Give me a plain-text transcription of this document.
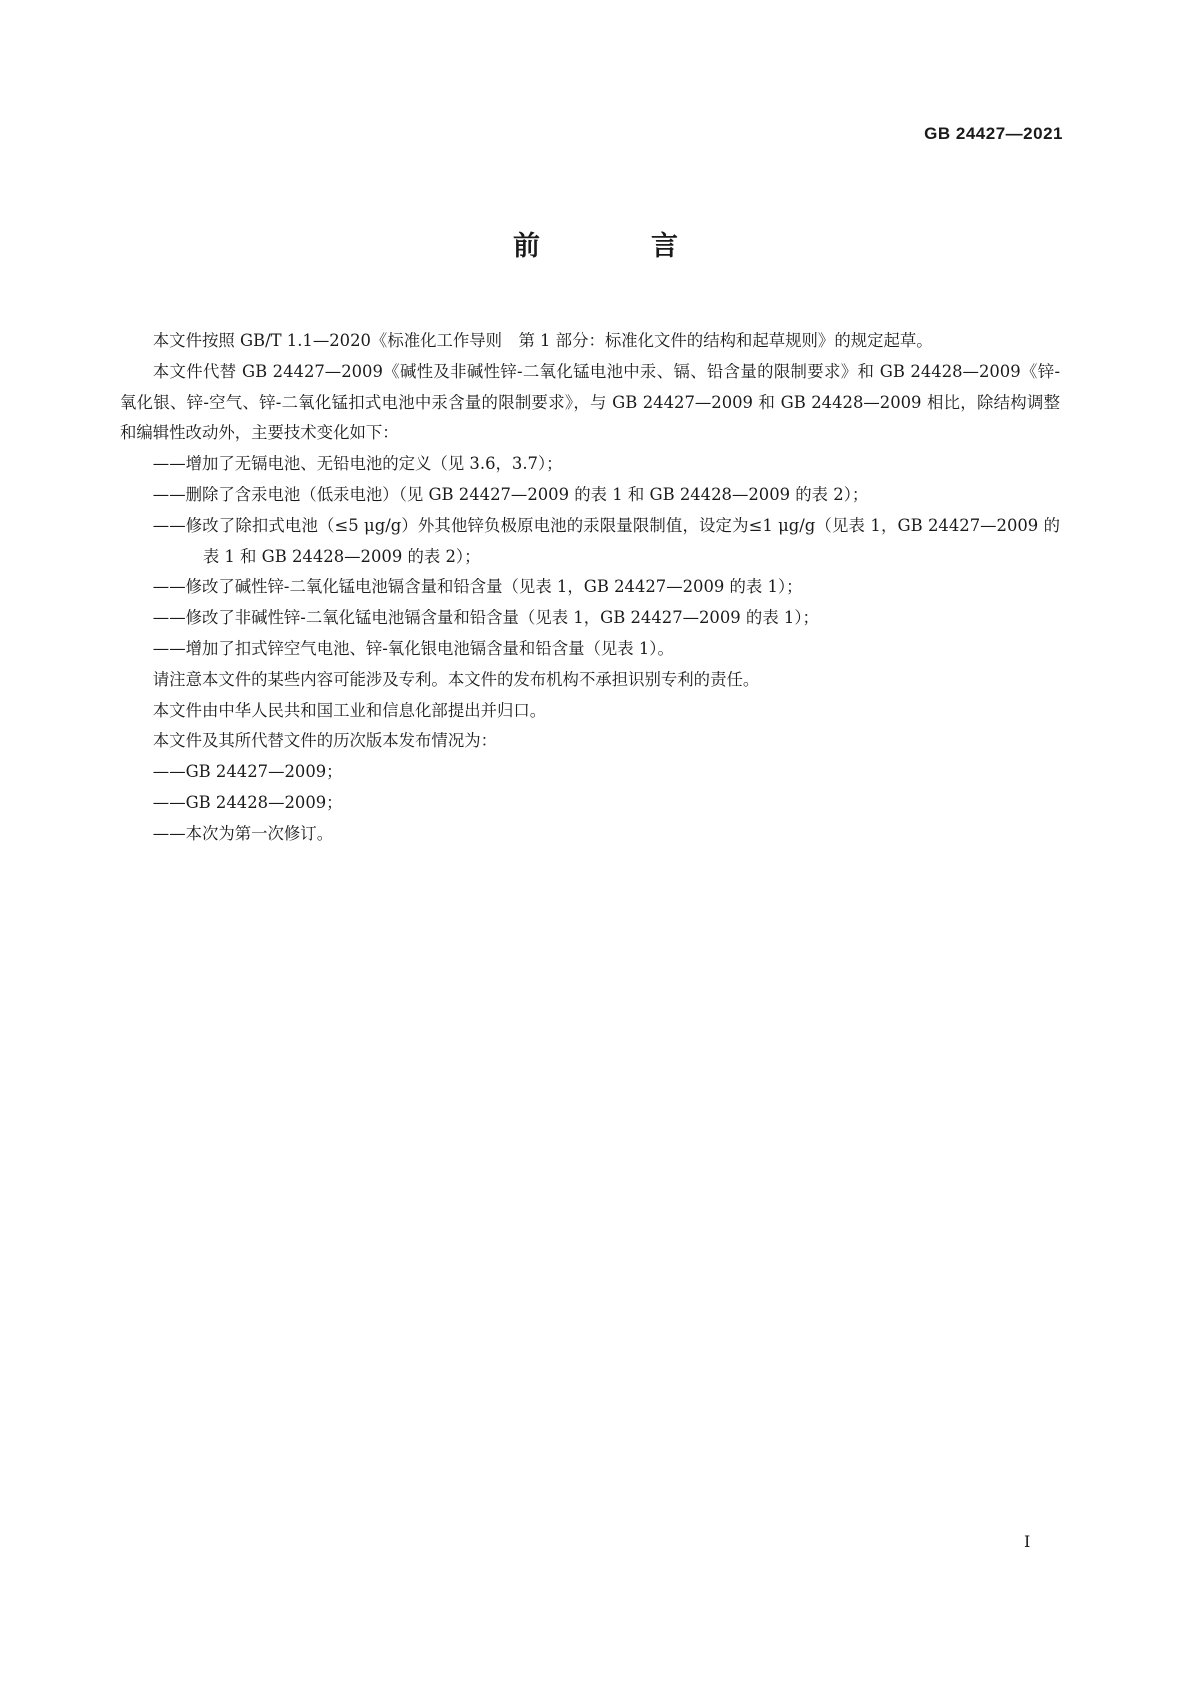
GB 24427—2021
前　言

本文件按照 GB/T 1.1—2020《标准化工作导则　第 1 部分：标准化文件的结构和起草规则》的规定起草。

本文件代替 GB 24427—2009《碱性及非碱性锌-二氧化锰电池中汞、镉、铅含量的限制要求》和 GB 24428—2009《锌-氧化银、锌-空气、锌-二氧化锰扣式电池中汞含量的限制要求》，与 GB 24427—2009 和 GB 24428—2009 相比，除结构调整和编辑性改动外，主要技术变化如下：

——增加了无镉电池、无铅电池的定义（见 3.6，3.7）；

——删除了含汞电池（低汞电池）（见 GB 24427—2009 的表 1 和 GB 24428—2009 的表 2）；

——修改了除扣式电池（≤5 μg/g）外其他锌负极原电池的汞限量限制值，设定为≤1 μg/g（见表 1，GB 24427—2009 的表 1 和 GB 24428—2009 的表 2）；

——修改了碱性锌-二氧化锰电池镉含量和铅含量（见表 1，GB 24427—2009 的表 1）；

——修改了非碱性锌-二氧化锰电池镉含量和铅含量（见表 1，GB 24427—2009 的表 1）；

——增加了扣式锌空气电池、锌-氧化银电池镉含量和铅含量（见表 1）。

请注意本文件的某些内容可能涉及专利。本文件的发布机构不承担识别专利的责任。

本文件由中华人民共和国工业和信息化部提出并归口。

本文件及其所代替文件的历次版本发布情况为：

——GB 24427—2009；

——GB 24428—2009；

——本次为第一次修订。

I
